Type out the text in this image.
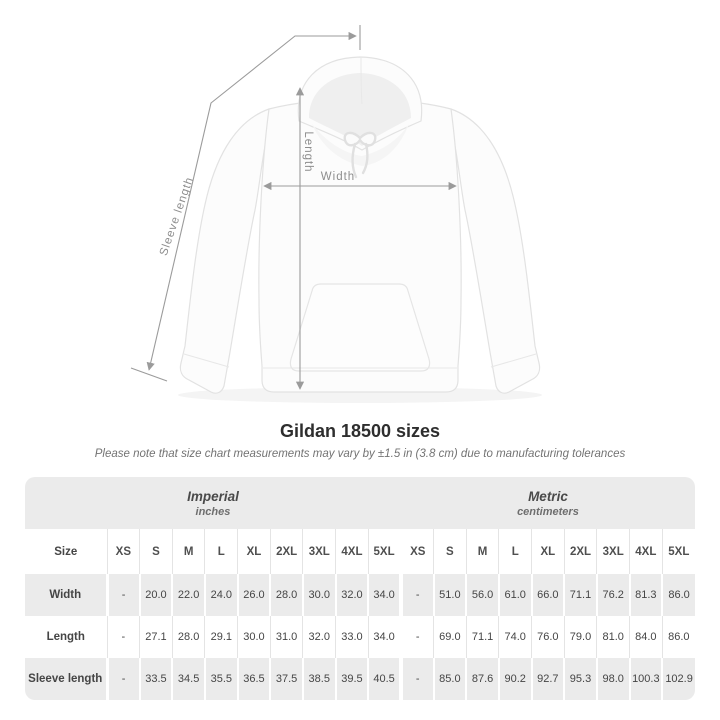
Sleeve length
Length
Width
Gildan 18500 sizes

Please note that size chart measurements may vary by ±1.5 in (3.8 cm) due to manufacturing tolerances

Imperial
inches										Metric
centimeters								

Size	XS	S	M	L	XL	2XL	3XL	4XL	5XL	XS	S	M	L	XL	2XL	3XL	4XL	5XL
Width	-	20.0	22.0	24.0	26.0	28.0	30.0	32.0	34.0	-	51.0	56.0	61.0	66.0	71.1	76.2	81.3	86.0
Length	-	27.1	28.0	29.1	30.0	31.0	32.0	33.0	34.0	-	69.0	71.1	74.0	76.0	79.0	81.0	84.0	86.0
Sleeve length	-	33.5	34.5	35.5	36.5	37.5	38.5	39.5	40.5	-	85.0	87.6	90.2	92.7	95.3	98.0	100.3	102.9
